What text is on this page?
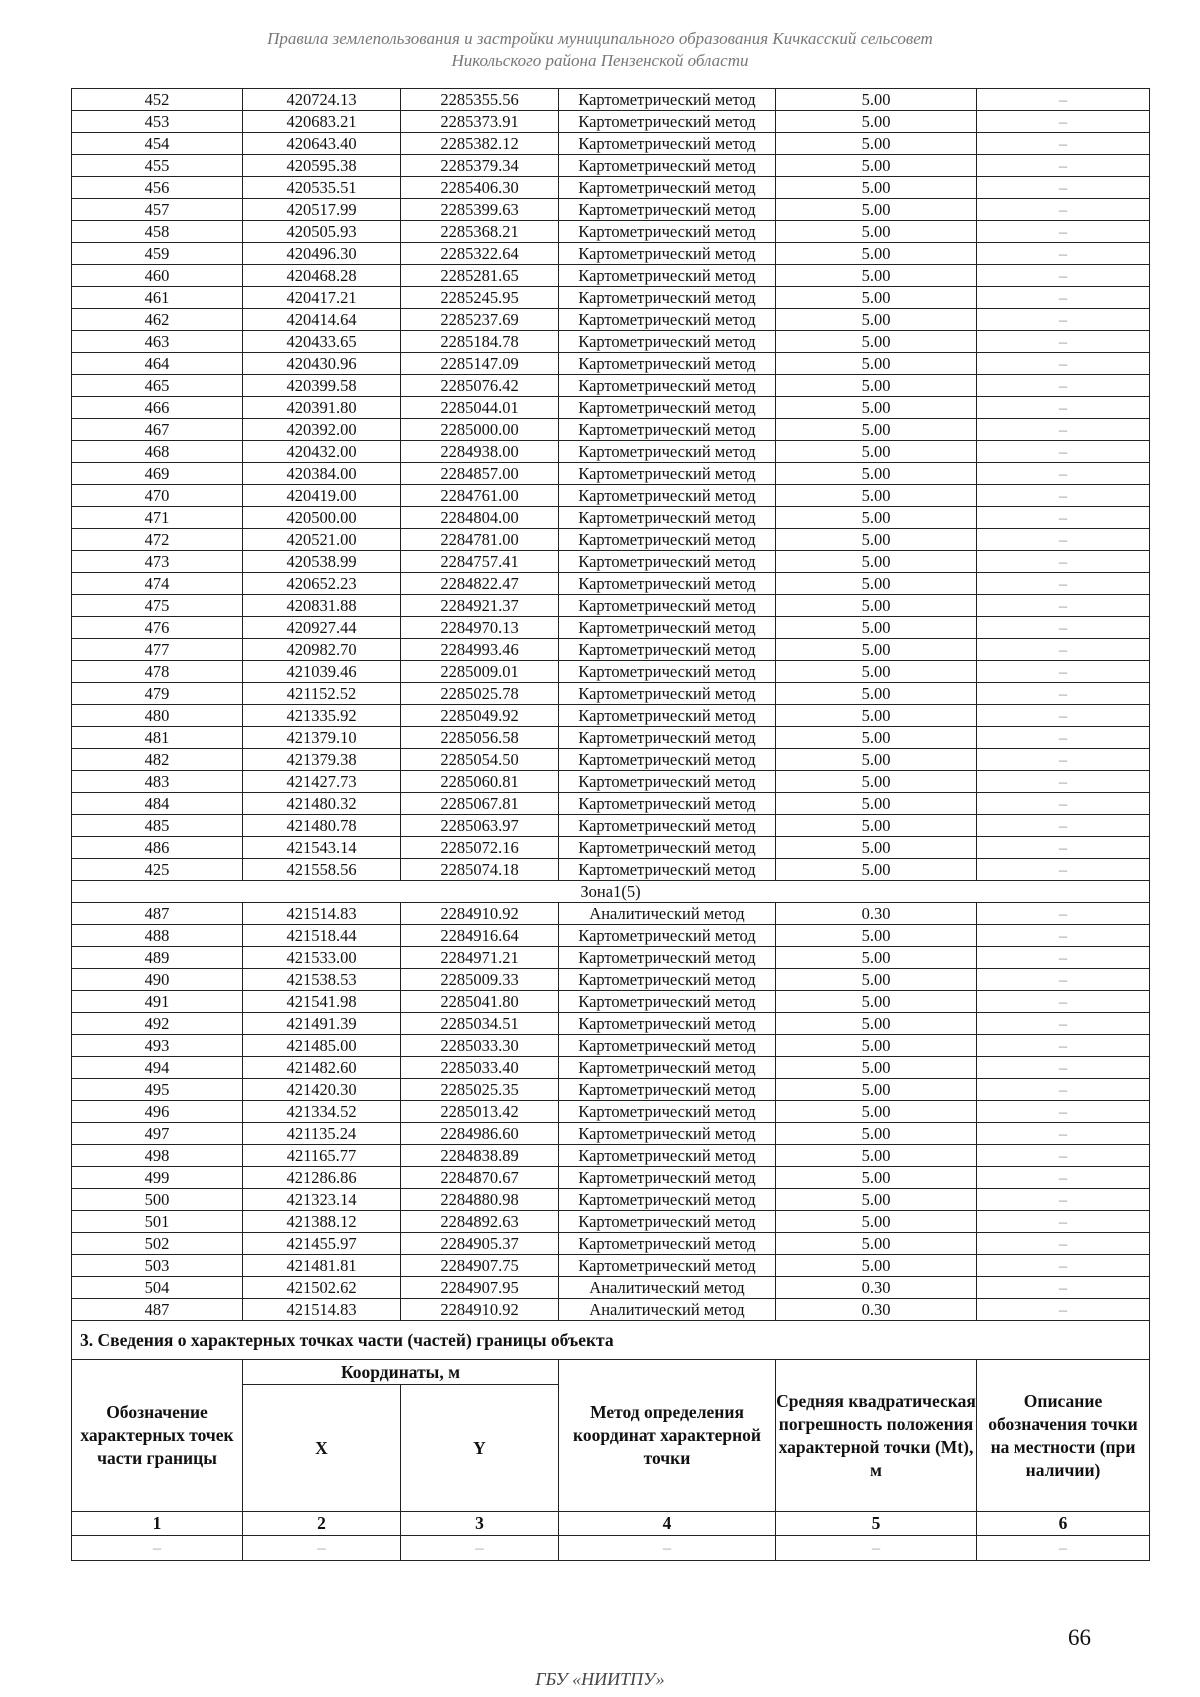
Правила землепользования и застройки муниципального образования Кичкасский сельсовет
Никольского района Пензенской области
452	420724.13	2285355.56	Картометрический метод	5.00	–
453	420683.21	2285373.91	Картометрический метод	5.00	–
454	420643.40	2285382.12	Картометрический метод	5.00	–
455	420595.38	2285379.34	Картометрический метод	5.00	–
456	420535.51	2285406.30	Картометрический метод	5.00	–
457	420517.99	2285399.63	Картометрический метод	5.00	–
458	420505.93	2285368.21	Картометрический метод	5.00	–
459	420496.30	2285322.64	Картометрический метод	5.00	–
460	420468.28	2285281.65	Картометрический метод	5.00	–
461	420417.21	2285245.95	Картометрический метод	5.00	–
462	420414.64	2285237.69	Картометрический метод	5.00	–
463	420433.65	2285184.78	Картометрический метод	5.00	–
464	420430.96	2285147.09	Картометрический метод	5.00	–
465	420399.58	2285076.42	Картометрический метод	5.00	–
466	420391.80	2285044.01	Картометрический метод	5.00	–
467	420392.00	2285000.00	Картометрический метод	5.00	–
468	420432.00	2284938.00	Картометрический метод	5.00	–
469	420384.00	2284857.00	Картометрический метод	5.00	–
470	420419.00	2284761.00	Картометрический метод	5.00	–
471	420500.00	2284804.00	Картометрический метод	5.00	–
472	420521.00	2284781.00	Картометрический метод	5.00	–
473	420538.99	2284757.41	Картометрический метод	5.00	–
474	420652.23	2284822.47	Картометрический метод	5.00	–
475	420831.88	2284921.37	Картометрический метод	5.00	–
476	420927.44	2284970.13	Картометрический метод	5.00	–
477	420982.70	2284993.46	Картометрический метод	5.00	–
478	421039.46	2285009.01	Картометрический метод	5.00	–
479	421152.52	2285025.78	Картометрический метод	5.00	–
480	421335.92	2285049.92	Картометрический метод	5.00	–
481	421379.10	2285056.58	Картометрический метод	5.00	–
482	421379.38	2285054.50	Картометрический метод	5.00	–
483	421427.73	2285060.81	Картометрический метод	5.00	–
484	421480.32	2285067.81	Картометрический метод	5.00	–
485	421480.78	2285063.97	Картометрический метод	5.00	–
486	421543.14	2285072.16	Картометрический метод	5.00	–
425	421558.56	2285074.18	Картометрический метод	5.00	–
Зона1(5)					
487	421514.83	2284910.92	Аналитический метод	0.30	–
488	421518.44	2284916.64	Картометрический метод	5.00	–
489	421533.00	2284971.21	Картометрический метод	5.00	–
490	421538.53	2285009.33	Картометрический метод	5.00	–
491	421541.98	2285041.80	Картометрический метод	5.00	–
492	421491.39	2285034.51	Картометрический метод	5.00	–
493	421485.00	2285033.30	Картометрический метод	5.00	–
494	421482.60	2285033.40	Картометрический метод	5.00	–
495	421420.30	2285025.35	Картометрический метод	5.00	–
496	421334.52	2285013.42	Картометрический метод	5.00	–
497	421135.24	2284986.60	Картометрический метод	5.00	–
498	421165.77	2284838.89	Картометрический метод	5.00	–
499	421286.86	2284870.67	Картометрический метод	5.00	–
500	421323.14	2284880.98	Картометрический метод	5.00	–
501	421388.12	2284892.63	Картометрический метод	5.00	–
502	421455.97	2284905.37	Картометрический метод	5.00	–
503	421481.81	2284907.75	Картометрический метод	5.00	–
504	421502.62	2284907.95	Аналитический метод	0.30	–
487	421514.83	2284910.92	Аналитический метод	0.30	–
3. Сведения о характерных точках части (частей) границы объекта					
Обозначение характерных точек части границы	Координаты, м		Метод определения координат характерной точки	Средняя квадратическая погрешность положения характерной точки (Mt), м	Описание обозначения точки на местности (при наличии)
	X	Y			
1	2	3	4	5	6
–	–	–	–	–	–
66
ГБУ «НИИТПУ»
